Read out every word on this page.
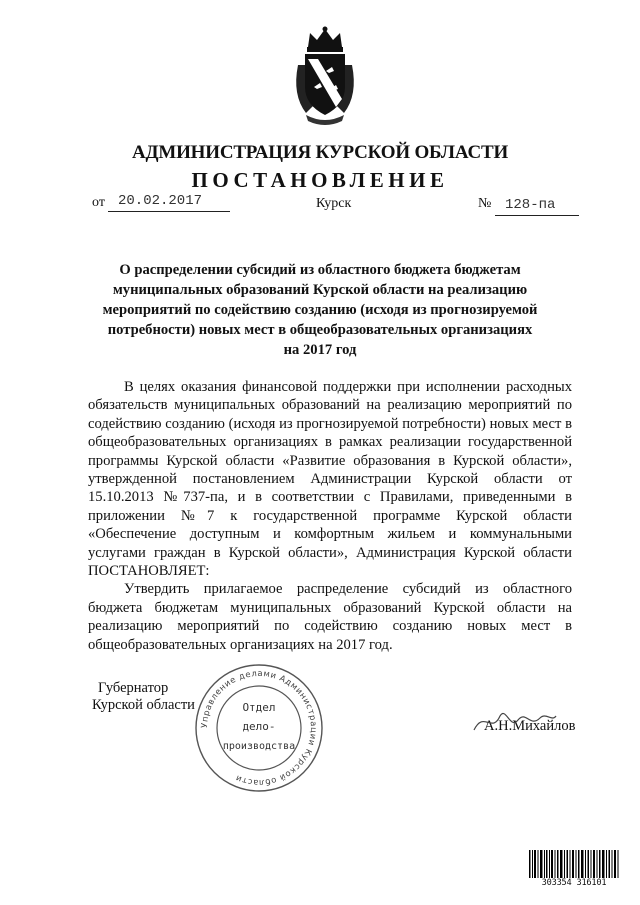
АДМИНИСТРАЦИЯ КУРСКОЙ ОБЛАСТИ
ПОСТАНОВЛЕНИЕ
от 20.02.2017	Курск	№ 128-па
О распределении субсидий из областного бюджета бюджетам
муниципальных образований Курской области на реализацию
мероприятий по содействию созданию (исходя из прогнозируемой
потребности) новых мест в общеобразовательных организациях
на 2017 год

В целях оказания финансовой поддержки при исполнении расходных обязательств муниципальных образований на реализацию мероприятий по содействию созданию (исходя из прогнозируемой потребности) новых мест в общеобразовательных организациях в рамках реализации государственной программы Курской области «Развитие образования в Курской области», утвержденной постановлением Администрации Курской области от 15.10.2013 №737-па, и в соответствии с Правилами, приведенными в приложении №7 к государственной программе Курской области «Обеспечение доступным и комфортным жильем и коммунальными услугами граждан в Курской области», Администрация Курской области ПОСТАНОВЛЯЕТ:

Утвердить прилагаемое распределение субсидий из областного бюджета бюджетам муниципальных образований Курской области на реализацию мероприятий по содействию созданию новых мест в общеобразовательных организациях на 2017 год.

Губернатор
Курской области
А.Н.Михайлов
Управление делами Администрации Курской области
Отдел
дело-
производства
303354 316101
